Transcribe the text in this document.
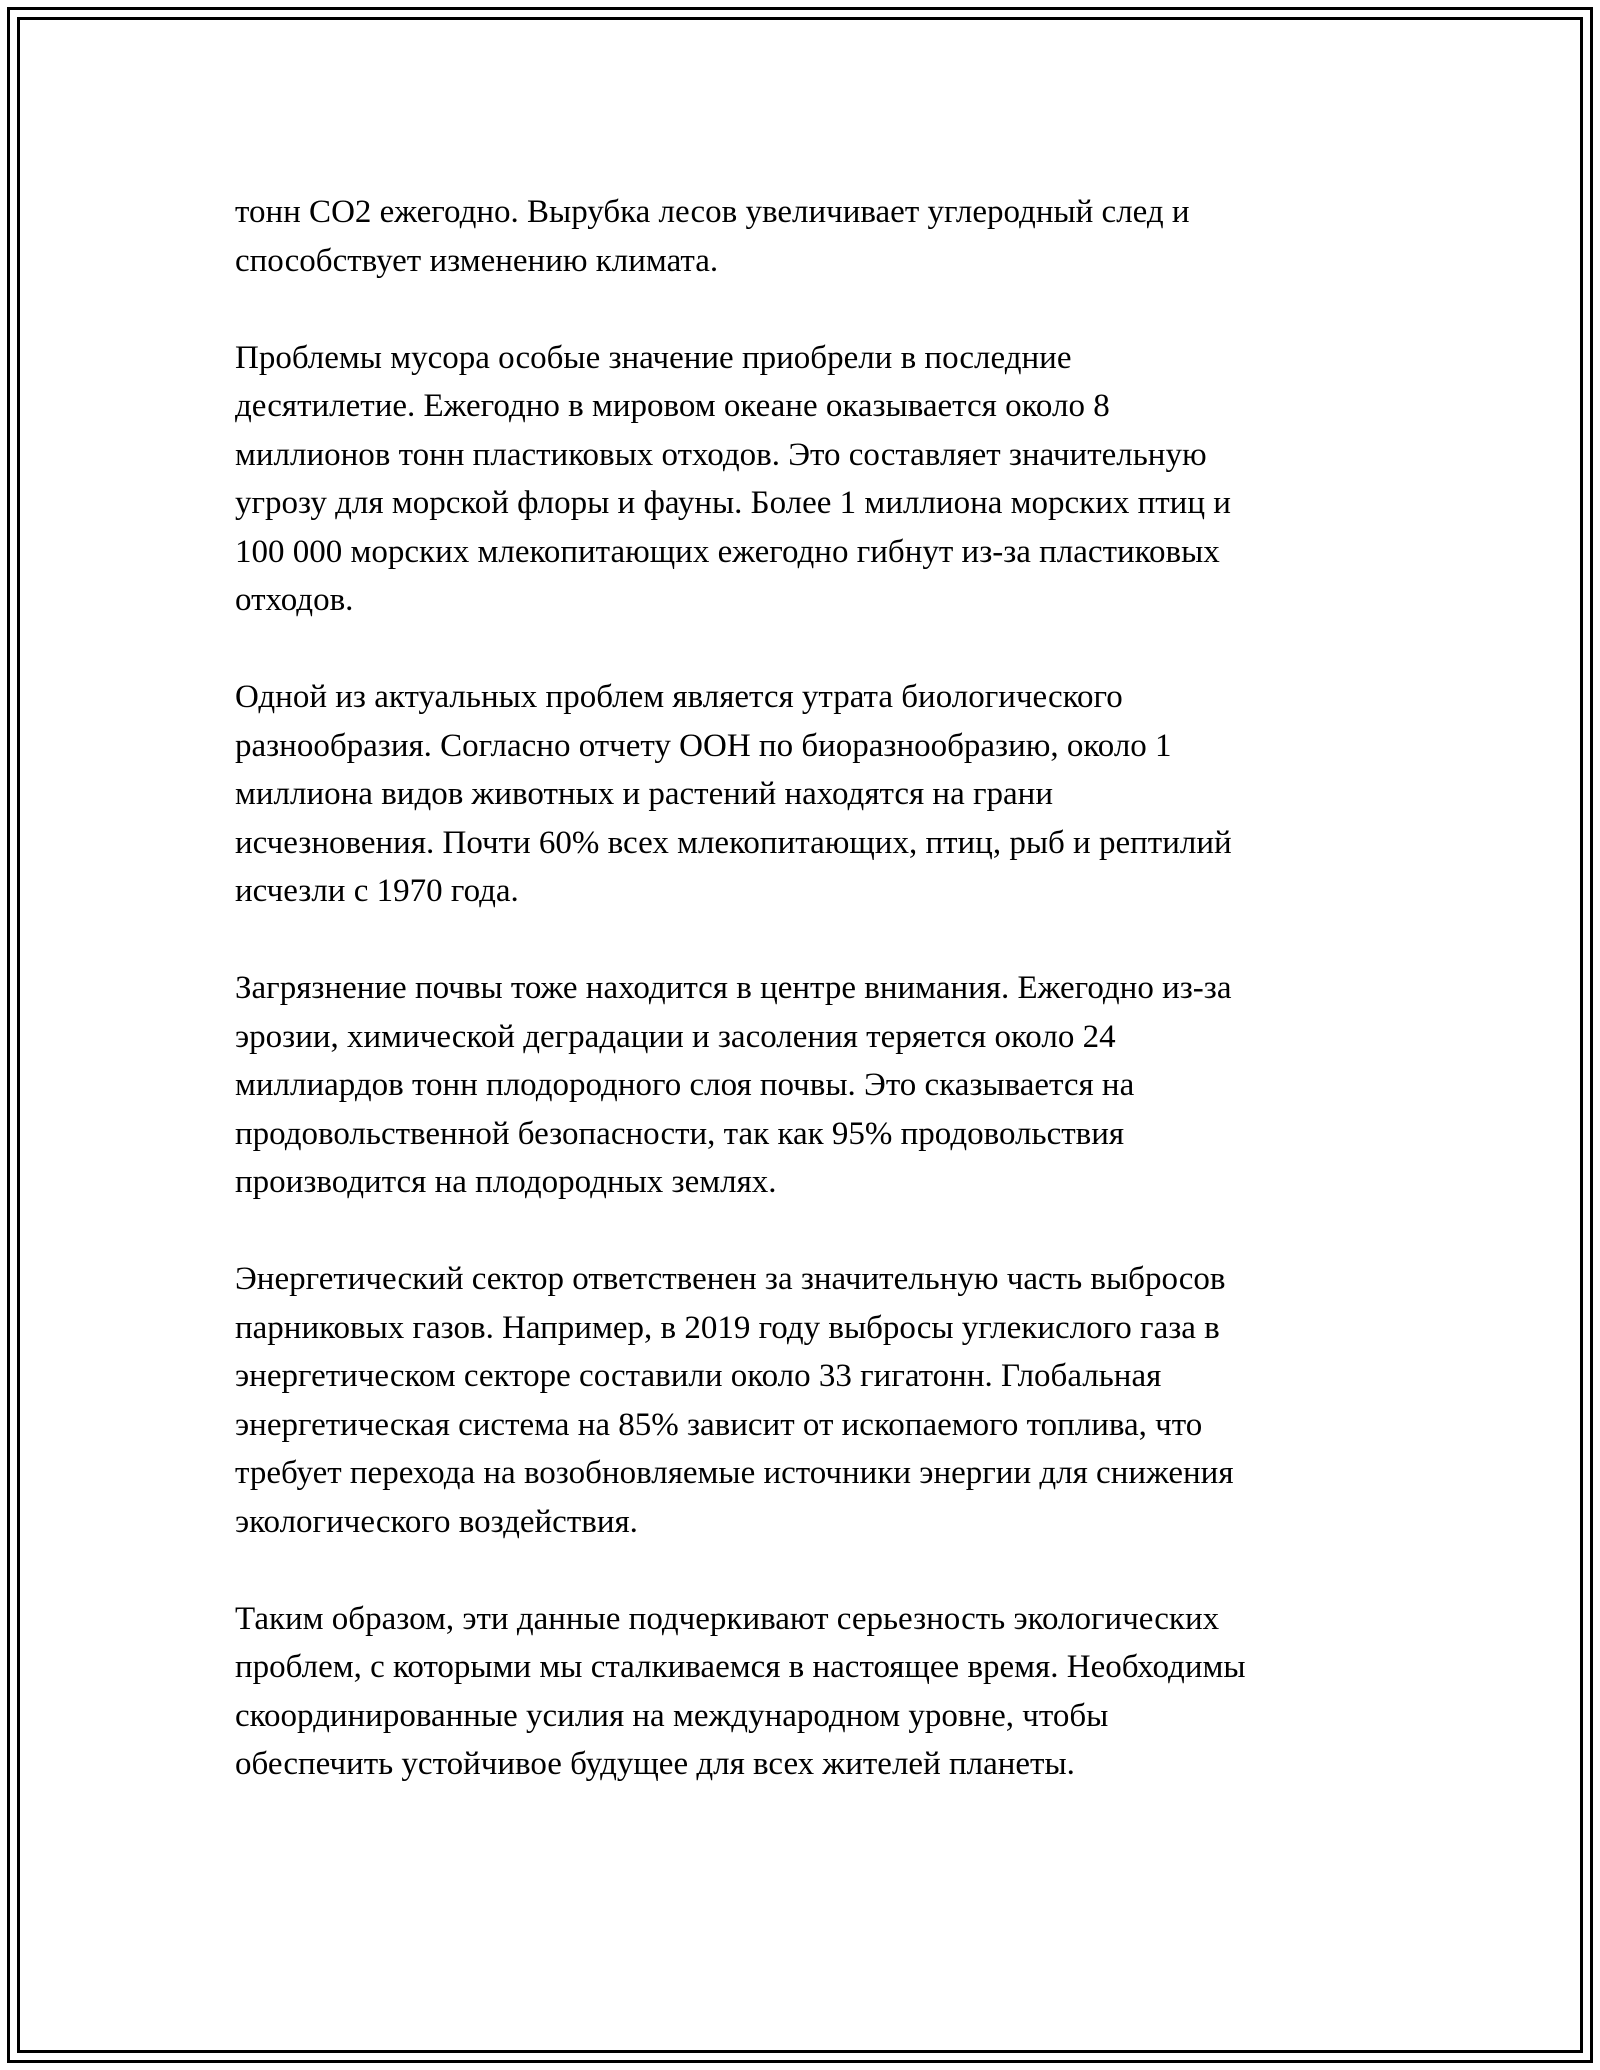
тонн CO2 ежегодно. Вырубка лесов увеличивает углеродный след и
способствует изменению климата.

Проблемы мусора особые значение приобрели в последние
десятилетие. Ежегодно в мировом океане оказывается около 8
миллионов тонн пластиковых отходов. Это составляет значительную
угрозу для морской флоры и фауны. Более 1 миллиона морских птиц и
100 000 морских млекопитающих ежегодно гибнут из-за пластиковых
отходов.

Одной из актуальных проблем является утрата биологического
разнообразия. Согласно отчету ООН по биоразнообразию, около 1
миллиона видов животных и растений находятся на грани
исчезновения. Почти 60% всех млекопитающих, птиц, рыб и рептилий
исчезли с 1970 года.

Загрязнение почвы тоже находится в центре внимания. Ежегодно из-за
эрозии, химической деградации и засоления теряется около 24
миллиардов тонн плодородного слоя почвы. Это сказывается на
продовольственной безопасности, так как 95% продовольствия
производится на плодородных землях.

Энергетический сектор ответственен за значительную часть выбросов
парниковых газов. Например, в 2019 году выбросы углекислого газа в
энергетическом секторе составили около 33 гигатонн. Глобальная
энергетическая система на 85% зависит от ископаемого топлива, что
требует перехода на возобновляемые источники энергии для снижения
экологического воздействия.

Таким образом, эти данные подчеркивают серьезность экологических
проблем, с которыми мы сталкиваемся в настоящее время. Необходимы
скоординированные усилия на международном уровне, чтобы
обеспечить устойчивое будущее для всех жителей планеты.
